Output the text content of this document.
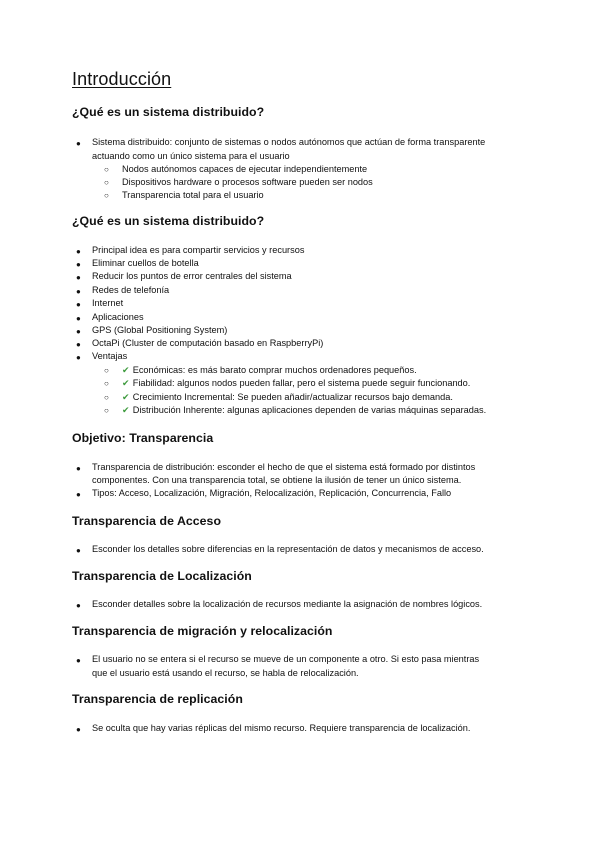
Introducción
¿Qué es un sistema distribuido?
● Sistema distribuido: conjunto de sistemas o nodos autónomos que actúan de forma transparente

actuando como un único sistema para el usuario

○ Nodos autónomos capaces de ejecutar independientemente

○ Dispositivos hardware o procesos software pueden ser nodos

○ Transparencia total para el usuario

¿Qué es un sistema distribuido?
● Principal idea es para compartir servicios y recursos

● Eliminar cuellos de botella

● Reducir los puntos de error centrales del sistema

● Redes de telefonía

● Internet

● Aplicaciones

● GPS (Global Positioning System)

● OctaPi (Cluster de computación basado en RaspberryPi)

● Ventajas

○ ✔ Económicas: es más barato comprar muchos ordenadores pequeños.

○ ✔ Fiabilidad: algunos nodos pueden fallar, pero el sistema puede seguir funcionando.

○ ✔ Crecimiento Incremental: Se pueden añadir/actualizar recursos bajo demanda.

○ ✔ Distribución Inherente: algunas aplicaciones dependen de varias máquinas separadas.

Objetivo: Transparencia
● Transparencia de distribución: esconder el hecho de que el sistema está formado por distintos

componentes. Con una transparencia total, se obtiene la ilusión de tener un único sistema.

● Tipos: Acceso, Localización, Migración, Relocalización, Replicación, Concurrencia, Fallo

Transparencia de Acceso
● Esconder los detalles sobre diferencias en la representación de datos y mecanismos de acceso.

Transparencia de Localización
● Esconder detalles sobre la localización de recursos mediante la asignación de nombres lógicos.

Transparencia de migración y relocalización
● El usuario no se entera si el recurso se mueve de un componente a otro. Si esto pasa mientras

que el usuario está usando el recurso, se habla de relocalización.

Transparencia de replicación
● Se oculta que hay varias réplicas del mismo recurso. Requiere transparencia de localización.
